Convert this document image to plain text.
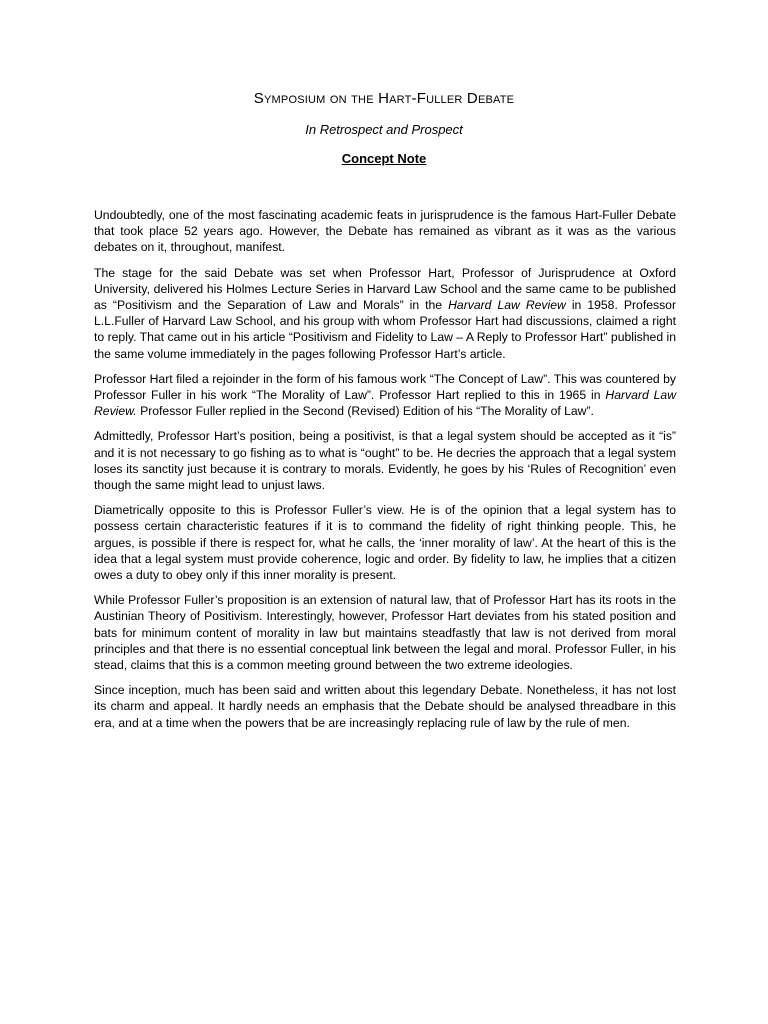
Symposium on the Hart-Fuller Debate
In Retrospect and Prospect
Concept Note

Undoubtedly, one of the most fascinating academic feats in jurisprudence is the famous Hart-Fuller Debate that took place 52 years ago. However, the Debate has remained as vibrant as it was as the various debates on it, throughout, manifest.

The stage for the said Debate was set when Professor Hart, Professor of Jurisprudence at Oxford University, delivered his Holmes Lecture Series in Harvard Law School and the same came to be published as “Positivism and the Separation of Law and Morals” in the Harvard Law Review in 1958. Professor L.L.Fuller of Harvard Law School, and his group with whom Professor Hart had discussions, claimed a right to reply. That came out in his article “Positivism and Fidelity to Law – A Reply to Professor Hart” published in the same volume immediately in the pages following Professor Hart’s article.

Professor Hart filed a rejoinder in the form of his famous work “The Concept of Law”. This was countered by Professor Fuller in his work “The Morality of Law”. Professor Hart replied to this in 1965 in Harvard Law Review. Professor Fuller replied in the Second (Revised) Edition of his “The Morality of Law”.

Admittedly, Professor Hart’s position, being a positivist, is that a legal system should be accepted as it “is” and it is not necessary to go fishing as to what is “ought” to be. He decries the approach that a legal system loses its sanctity just because it is contrary to morals. Evidently, he goes by his ‘Rules of Recognition’ even though the same might lead to unjust laws.

Diametrically opposite to this is Professor Fuller’s view. He is of the opinion that a legal system has to possess certain characteristic features if it is to command the fidelity of right thinking people. This, he argues, is possible if there is respect for, what he calls, the ‘inner morality of law’. At the heart of this is the idea that a legal system must provide coherence, logic and order. By fidelity to law, he implies that a citizen owes a duty to obey only if this inner morality is present.

While Professor Fuller’s proposition is an extension of natural law, that of Professor Hart has its roots in the Austinian Theory of Positivism. Interestingly, however, Professor Hart deviates from his stated position and bats for minimum content of morality in law but maintains steadfastly that law is not derived from moral principles and that there is no essential conceptual link between the legal and moral. Professor Fuller, in his stead, claims that this is a common meeting ground between the two extreme ideologies.

Since inception, much has been said and written about this legendary Debate. Nonetheless, it has not lost its charm and appeal. It hardly needs an emphasis that the Debate should be analysed threadbare in this era, and at a time when the powers that be are increasingly replacing rule of law by the rule of men.
